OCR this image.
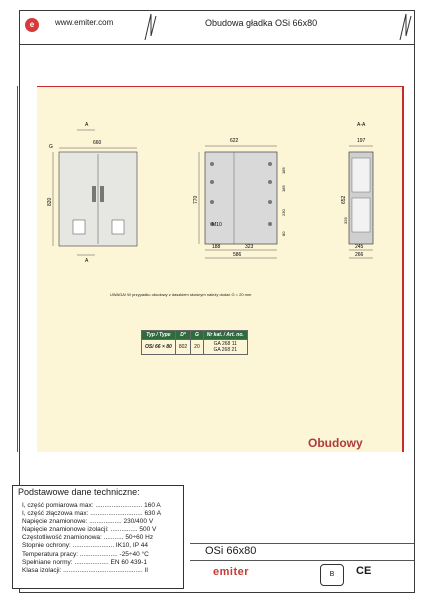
e	www.emiter.com	Obudowa gładka OSi 66x80
660
A
820
G
A
622
770
185
185
230
80
M10
188	323
586
A-A
197
652
326
245
266
UWAGA! W przypadku obudowy z daszkiem skośnym należy dodać G = 20 mm
Typ / Type	D*	G	Nr kat. / Art. no.
OSi 66 × 80	802	20	GA 268 11
GA 268 21
Obudowy
Podstawowe dane techniczne:
I, część pomiarowa max: .......................... 160 A
I, część złączowa max: ............................. 630 A
Napięcie znamionowe: .................. 230/400 V
Napięcie znamionowe izolacji: ............... 500 V
Częstotliwość znamionowa: ........... 50÷60 Hz
Stopnie ochrony: ....................... IK10, IP 44
Temperatura pracy: ..................... -25÷40 °C
Spełniane normy: ................... EN 60 439-1
Klasa izolacji: ............................................ II
OSi 66x80
emiter	B	CE
